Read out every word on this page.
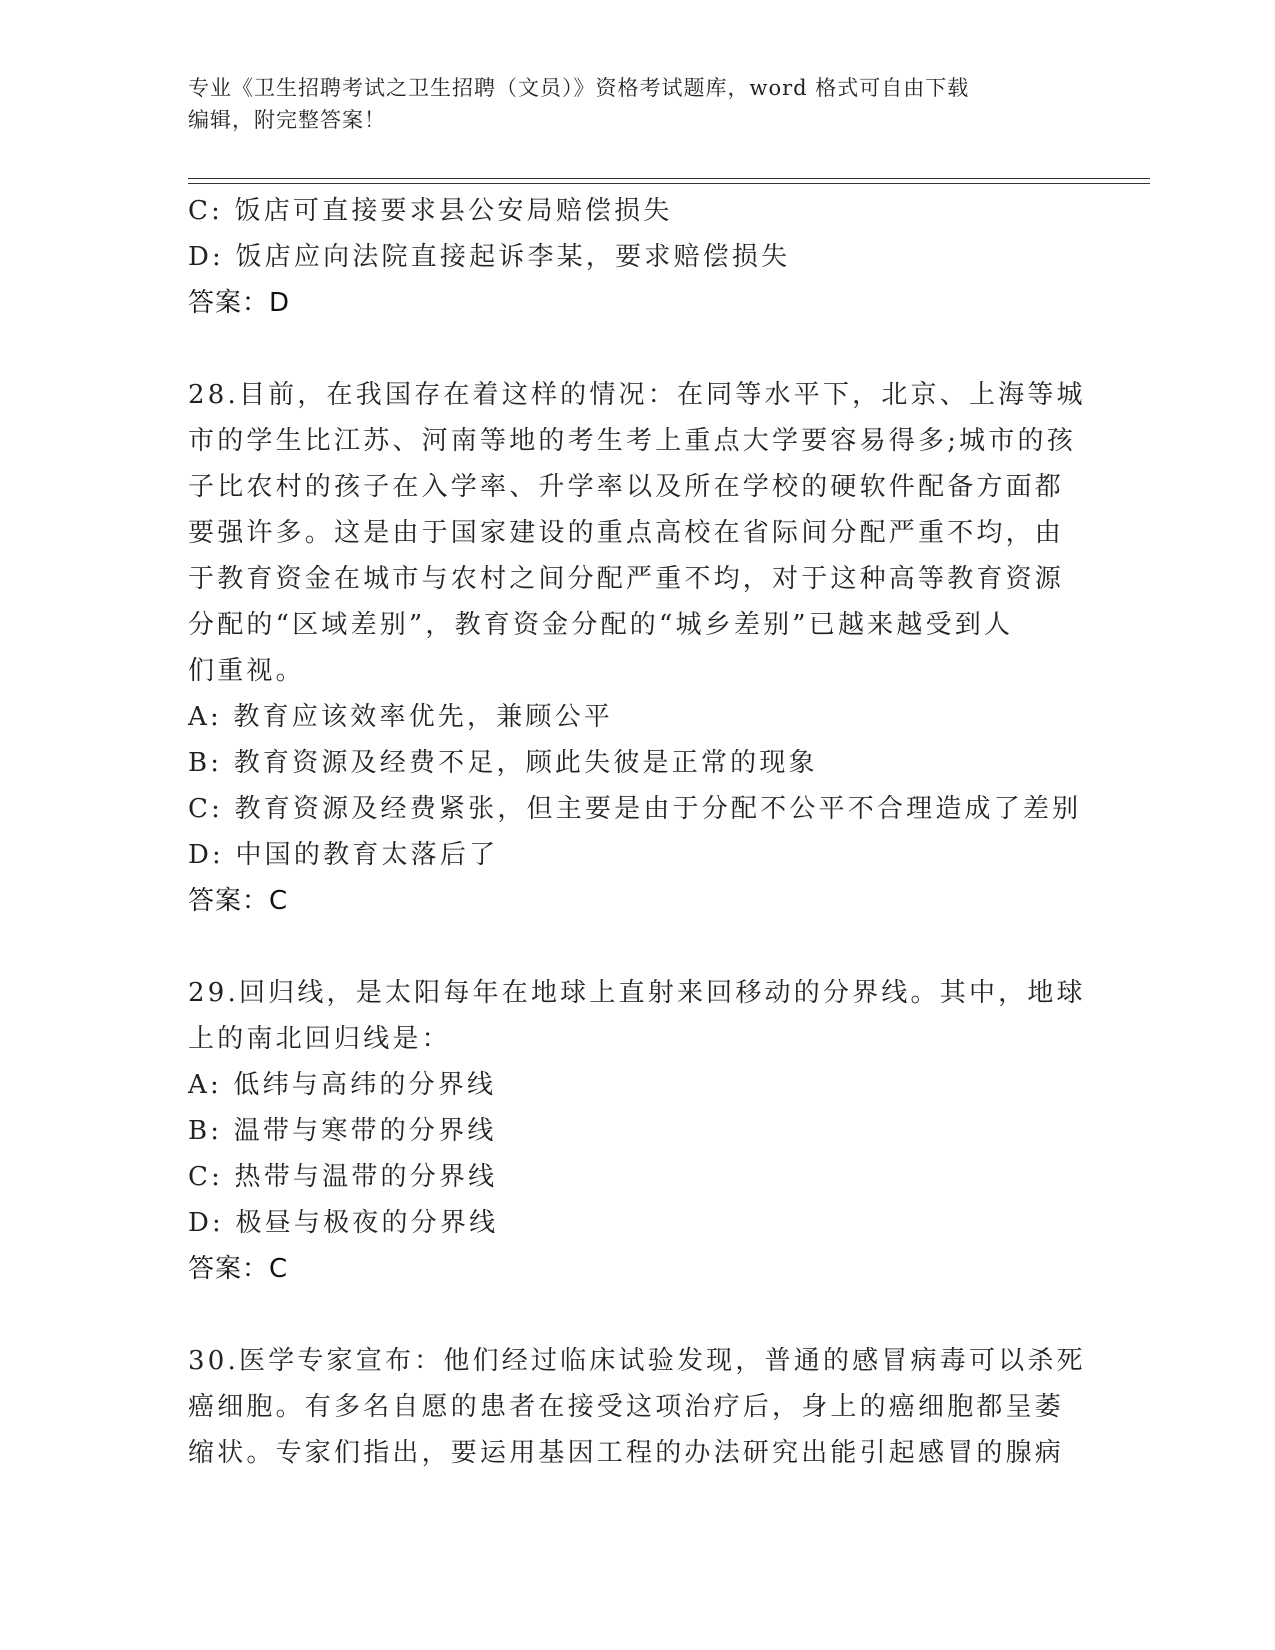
专业《卫生招聘考试之卫生招聘（文员）》资格考试题库，word 格式可自由下载
编辑，附完整答案！
C: 饭店可直接要求县公安局赔偿损失
D: 饭店应向法院直接起诉李某，要求赔偿损失
答案：D
28.目前，在我国存在着这样的情况：在同等水平下，北京、上海等城
市的学生比江苏、河南等地的考生考上重点大学要容易得多;城市的孩
子比农村的孩子在入学率、升学率以及所在学校的硬软件配备方面都
要强许多。这是由于国家建设的重点高校在省际间分配严重不均，由
于教育资金在城市与农村之间分配严重不均，对于这种高等教育资源
分配的“区域差别”，教育资金分配的“城乡差别”已越来越受到人
们重视。
A: 教育应该效率优先，兼顾公平
B: 教育资源及经费不足，顾此失彼是正常的现象
C: 教育资源及经费紧张，但主要是由于分配不公平不合理造成了差别
D: 中国的教育太落后了
答案：C
29.回归线，是太阳每年在地球上直射来回移动的分界线。其中，地球
上的南北回归线是：
A: 低纬与高纬的分界线
B: 温带与寒带的分界线
C: 热带与温带的分界线
D: 极昼与极夜的分界线
答案：C
30.医学专家宣布：他们经过临床试验发现，普通的感冒病毒可以杀死
癌细胞。有多名自愿的患者在接受这项治疗后，身上的癌细胞都呈萎
缩状。专家们指出，要运用基因工程的办法研究出能引起感冒的腺病
